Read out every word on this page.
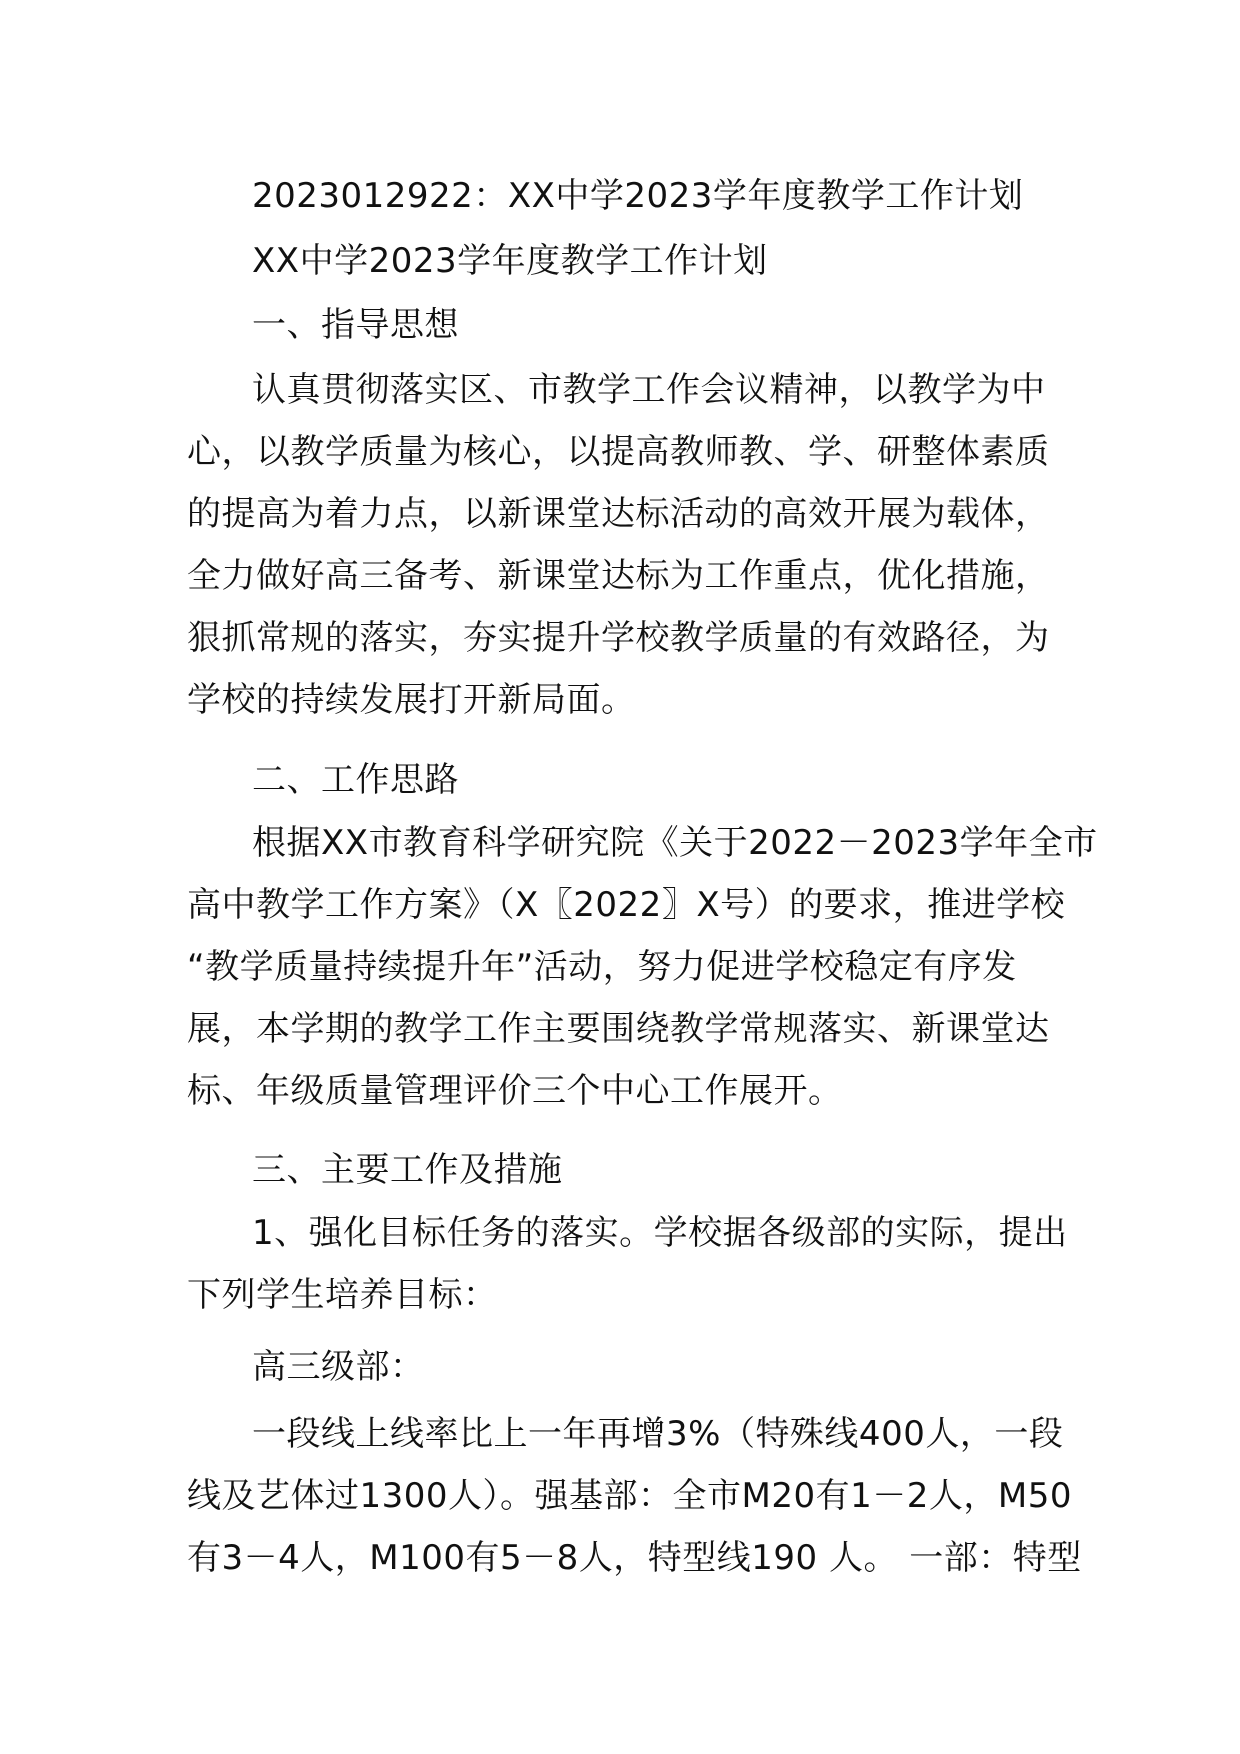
2023012922：XX中学2023学年度教学工作计划
XX中学2023学年度教学工作计划
一、指导思想
认真贯彻落实区、市教学工作会议精神，以教学为中
心，以教学质量为核心，以提高教师教、学、研整体素质
的提高为着力点，以新课堂达标活动的高效开展为载体，
全力做好高三备考、新课堂达标为工作重点，优化措施，
狠抓常规的落实，夯实提升学校教学质量的有效路径，为
学校的持续发展打开新局面。
二、工作思路
根据XX市教育科学研究院《关于2022－2023学年全市
高中教学工作方案》（X〖2022〗X号）的要求，推进学校
“教学质量持续提升年”活动，努力促进学校稳定有序发
展，本学期的教学工作主要围绕教学常规落实、新课堂达
标、年级质量管理评价三个中心工作展开。
三、主要工作及措施
1、强化目标任务的落实。学校据各级部的实际，提出
下列学生培养目标：
高三级部：
一段线上线率比上一年再增3%（特殊线400人，一段
线及艺体过1300人）。强基部：全市M20有1－2人，M50
有3－4人，M100有5－8人，特型线190 人。 一部：特型
